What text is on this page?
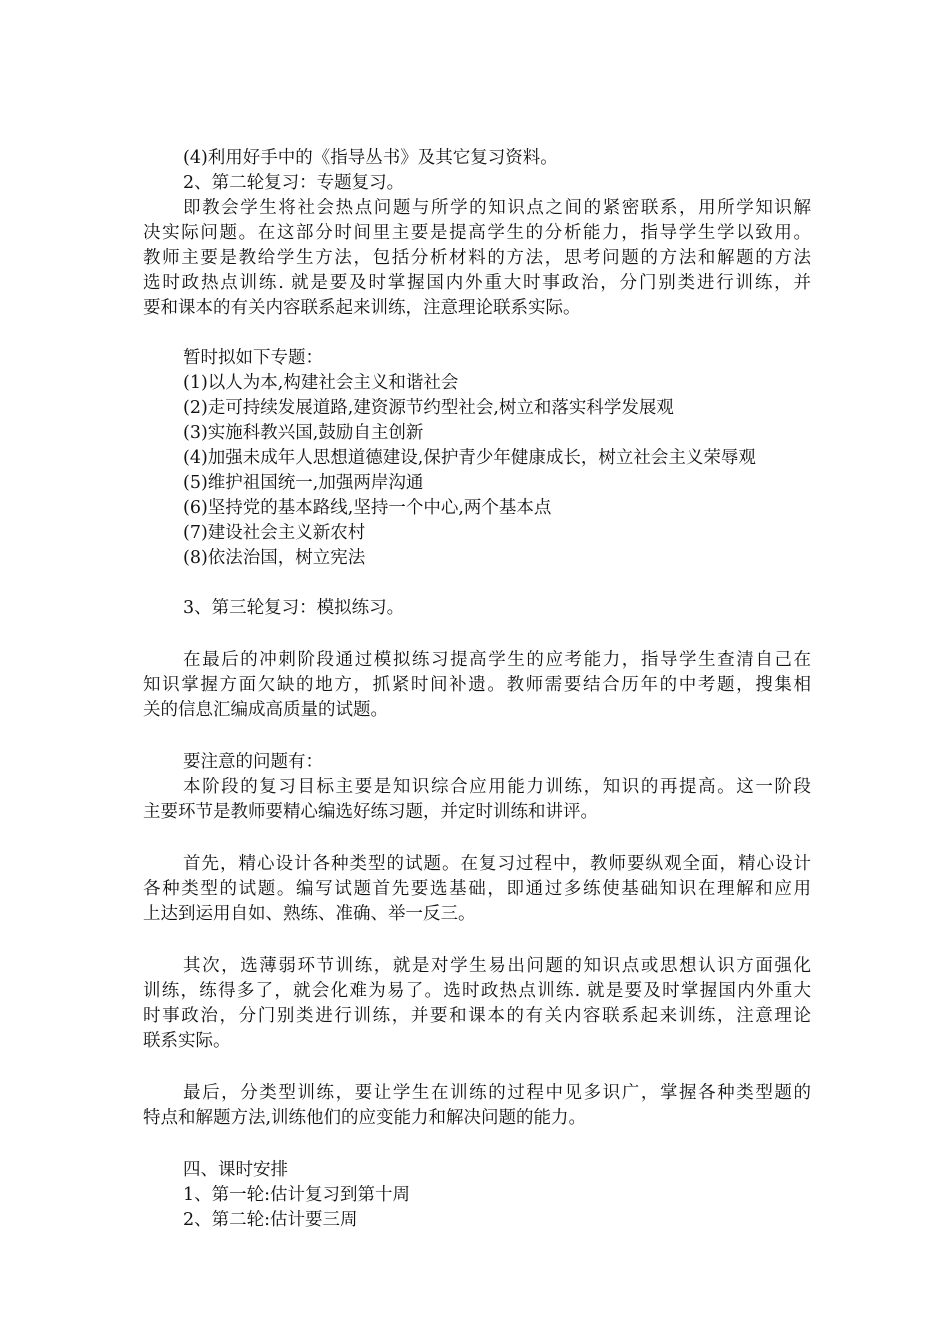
(4)利用好手中的《指导丛书》及其它复习资料。
2、第二轮复习：专题复习。
即教会学生将社会热点问题与所学的知识点之间的紧密联系，用所学知识解
决实际问题。在这部分时间里主要是提高学生的分析能力，指导学生学以致用。
教师主要是教给学生方法，包括分析材料的方法，思考问题的方法和解题的方法
选时政热点训练. 就是要及时掌握国内外重大时事政治，分门别类进行训练，并
要和课本的有关内容联系起来训练，注意理论联系实际。
暂时拟如下专题：
(1)以人为本,构建社会主义和谐社会
(2)走可持续发展道路,建资源节约型社会,树立和落实科学发展观
(3)实施科教兴国,鼓励自主创新
(4)加强未成年人思想道德建设,保护青少年健康成长，树立社会主义荣辱观
(5)维护祖国统一,加强两岸沟通
(6)坚持党的基本路线,坚持一个中心,两个基本点
(7)建设社会主义新农村
(8)依法治国，树立宪法
3、第三轮复习：模拟练习。
在最后的冲刺阶段通过模拟练习提高学生的应考能力，指导学生查清自己在
知识掌握方面欠缺的地方，抓紧时间补遗。教师需要结合历年的中考题，搜集相
关的信息汇编成高质量的试题。
要注意的问题有：
本阶段的复习目标主要是知识综合应用能力训练，知识的再提高。这一阶段
主要环节是教师要精心编选好练习题，并定时训练和讲评。
首先，精心设计各种类型的试题。在复习过程中，教师要纵观全面，精心设计
各种类型的试题。编写试题首先要选基础，即通过多练使基础知识在理解和应用
上达到运用自如、熟练、准确、举一反三。
其次，选薄弱环节训练，就是对学生易出问题的知识点或思想认识方面强化
训练，练得多了，就会化难为易了。选时政热点训练. 就是要及时掌握国内外重大
时事政治，分门别类进行训练，并要和课本的有关内容联系起来训练，注意理论
联系实际。
最后，分类型训练，要让学生在训练的过程中见多识广，掌握各种类型题的
特点和解题方法,训练他们的应变能力和解决问题的能力。
四、课时安排
1、第一轮:估计复习到第十周
2、第二轮:估计要三周
